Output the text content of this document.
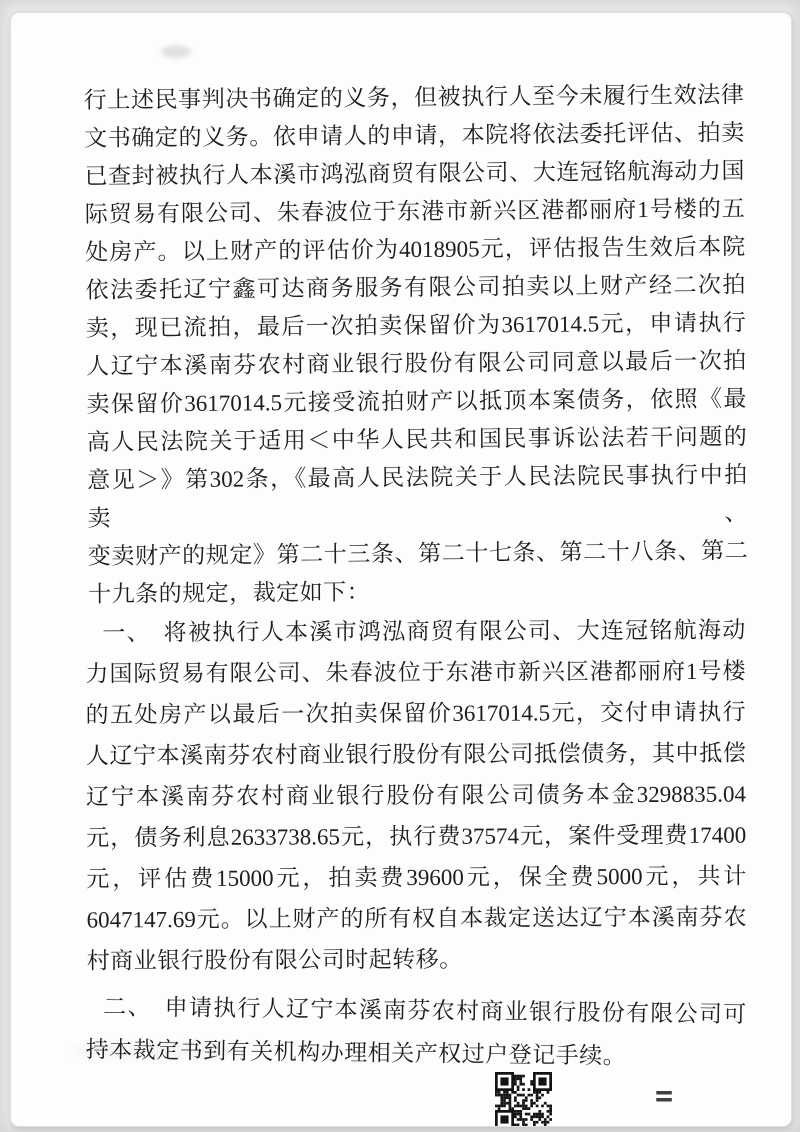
行上述民事判决书确定的义务，但被执行人至今未履行生效法律
文书确定的义务。依申请人的申请，本院将依法委托评估、拍卖
已查封被执行人本溪市鸿泓商贸有限公司、大连冠铭航海动力国
际贸易有限公司、朱春波位于东港市新兴区港都丽府1号楼的五
处房产。以上财产的评估价为4018905元，评估报告生效后本院
依法委托辽宁鑫可达商务服务有限公司拍卖以上财产经二次拍
卖，现已流拍，最后一次拍卖保留价为3617014.5元，申请执行
人辽宁本溪南芬农村商业银行股份有限公司同意以最后一次拍
卖保留价3617014.5元接受流拍财产以抵顶本案债务，依照《最
高人民法院关于适用＜中华人民共和国民事诉讼法若干问题的
意见＞》第302条，《最高人民法院关于人民法院民事执行中拍卖、
变卖财产的规定》第二十三条、第二十七条、第二十八条、第二
十九条的规定，裁定如下：
一、　将被执行人本溪市鸿泓商贸有限公司、大连冠铭航海动
力国际贸易有限公司、朱春波位于东港市新兴区港都丽府1号楼
的五处房产以最后一次拍卖保留价3617014.5元，交付申请执行
人辽宁本溪南芬农村商业银行股份有限公司抵偿债务，其中抵偿
辽宁本溪南芬农村商业银行股份有限公司债务本金3298835.04
元，债务利息2633738.65元，执行费37574元，案件受理费17400
元，评估费15000元，拍卖费39600元，保全费5000元，共计
6047147.69元。以上财产的所有权自本裁定送达辽宁本溪南芬农
村商业银行股份有限公司时起转移。
二、　申请执行人辽宁本溪南芬农村商业银行股份有限公司可
持本裁定书到有关机构办理相关产权过户登记手续。
=
